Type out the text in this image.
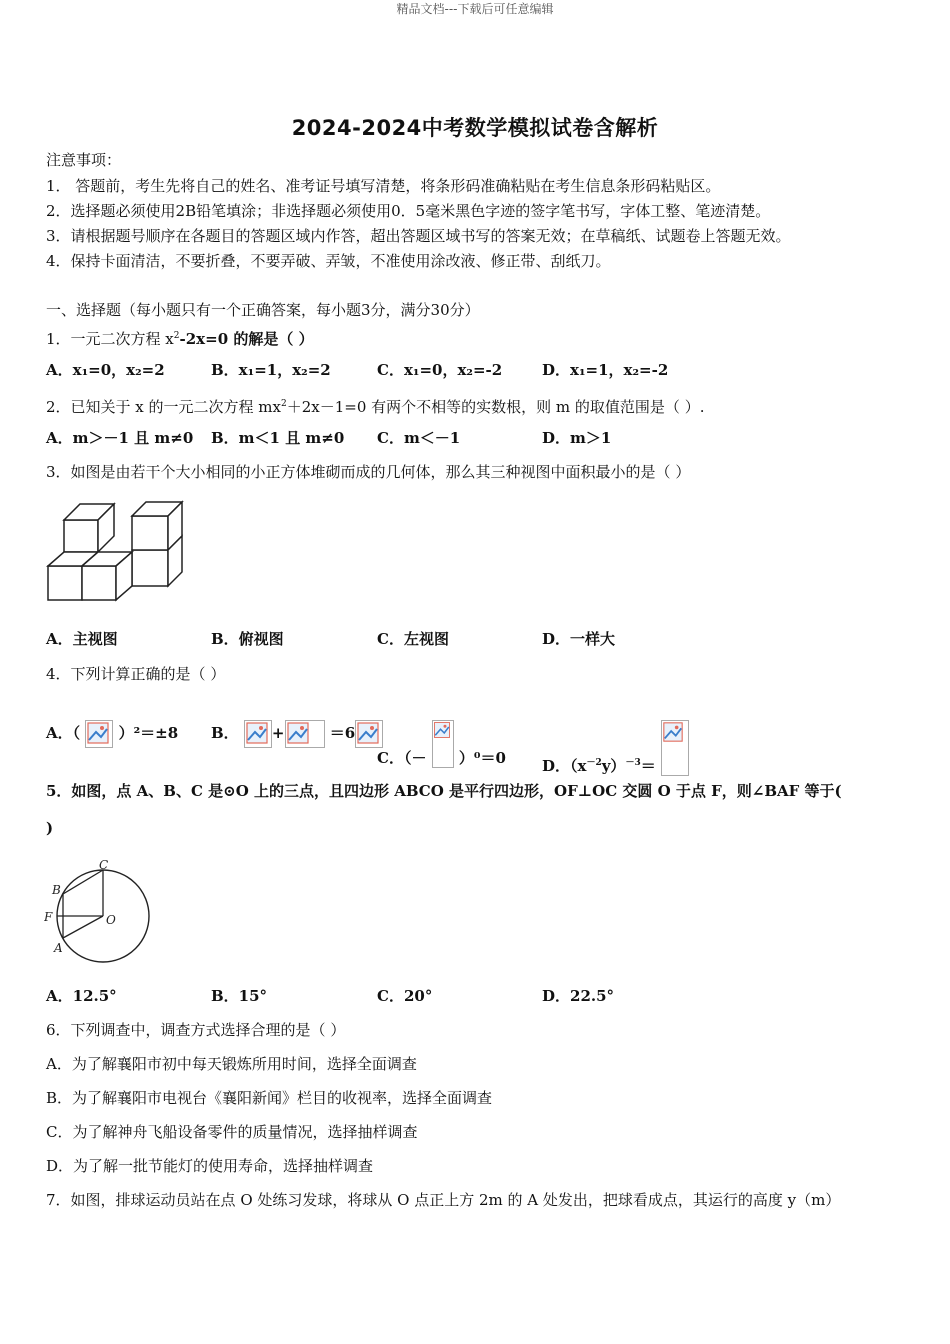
精品文档---下载后可任意编辑
2024-2024中考数学模拟试卷含解析
注意事项：
1． 答题前，考生先将自己的姓名、准考证号填写清楚，将条形码准确粘贴在考生信息条形码粘贴区。
2．选择题必须使用2B铅笔填涂；非选择题必须使用0．5毫米黑色字迹的签字笔书写，字体工整、笔迹清楚。
3．请根据题号顺序在各题目的答题区域内作答，超出答题区域书写的答案无效；在草稿纸、试题卷上答题无效。
4．保持卡面清洁，不要折叠，不要弄破、弄皱，不准使用涂改液、修正带、刮纸刀。
一、选择题（每小题只有一个正确答案，每小题3分，满分30分）
1．一元二次方程 $x^2-2x=0$ 的解是（ ）
A．x₁=0，x₂=2	B．x₁=1，x₂=2	C．x₁=0，x₂=-2	D．x₁=1，x₂=-2
2．已知关于 x 的一元二次方程 $mx^2+2x-1=0$ 有两个不相等的实数根，则 m 的取值范围是（ ）.
A．m＞－1 且 m≠0 B．m＜1 且 m≠0 C．m＜－1	D．m＞1
3．如图是由若干个大小相同的小正方体堆砌而成的几何体，那么其三种视图中面积最小的是（ ）
A．主视图	B．俯视图	C．左视图	D．一样大
4．下列计算正确的是（ ）
A．（	）²＝±8 B． +	＝6
C．（－ ）⁰＝0 D．$(x^{-2}y)^{-3}=$
5．如图，点 A、B、C 是⊙O 上的三点，且四边形 ABCO 是平行四边形，OF⊥OC 交圆 O 于点 F，则∠BAF 等于(
)
C
B
F	O
A
A．12.5°	B．15°	C．20°	D．22.5°
6．下列调查中，调查方式选择合理的是（ ）
A．为了解襄阳市初中每天锻炼所用时间，选择全面调查
B．为了解襄阳市电视台《襄阳新闻》栏目的收视率，选择全面调查
C．为了解神舟飞船设备零件的质量情况，选择抽样调查
D．为了解一批节能灯的使用寿命，选择抽样调查
7．如图，排球运动员站在点 O 处练习发球，将球从 O 点正上方 2m 的 A 处发出，把球看成点，其运行的高度 y（m）
